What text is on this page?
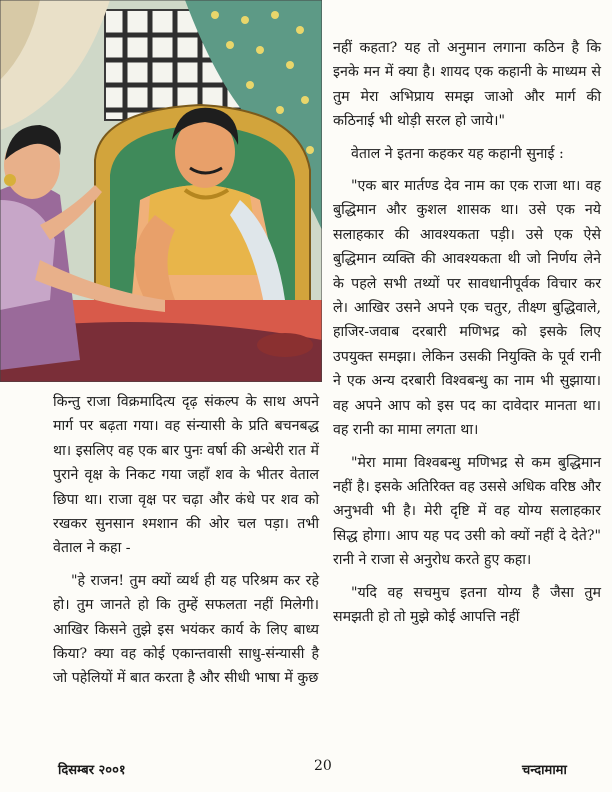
नहीं कहता? यह तो अनुमान लगाना कठिन है कि इनके मन में क्या है। शायद एक कहानी के माध्यम से तुम मेरा अभिप्राय समझ जाओ और मार्ग की कठिनाई भी थोड़ी सरल हो जाये।"

वेताल ने इतना कहकर यह कहानी सुनाई :

"एक बार मार्तण्ड देव नाम का एक राजा था। वह बुद्धिमान और कुशल शासक था। उसे एक नये सलाहकार की आवश्यकता पड़ी। उसे एक ऐसे बुद्धिमान व्यक्ति की आवश्यकता थी जो निर्णय लेने के पहले सभी तथ्यों पर सावधानीपूर्वक विचार कर ले। आखिर उसने अपने एक चतुर, तीक्ष्ण बुद्धिवाले, हाजिर-जवाब दरबारी मणिभद्र को इसके लिए उपयुक्त समझा। लेकिन उसकी नियुक्ति के पूर्व रानी ने एक अन्य दरबारी विश्वबन्धु का नाम भी सुझाया। वह अपने आप को इस पद का दावेदार मानता था। वह रानी का मामा लगता था।

"मेरा मामा विश्वबन्धु मणिभद्र से कम बुद्धिमान नहीं है। इसके अतिरिक्त वह उससे अधिक वरिष्ठ और अनुभवी भी है। मेरी दृष्टि में वह योग्य सलाहकार सिद्ध होगा। आप यह पद उसी को क्यों नहीं दे देते?" रानी ने राजा से अनुरोध करते हुए कहा।

"यदि वह सचमुच इतना योग्य है जैसा तुम समझती हो तो मुझे कोई आपत्ति नहीं

किन्तु राजा विक्रमादित्य दृढ़ संकल्प के साथ अपने मार्ग पर बढ़ता गया। वह संन्यासी के प्रति बचनबद्ध था। इसलिए वह एक बार पुनः वर्षा की अन्धेरी रात में पुराने वृक्ष के निकट गया जहाँ शव के भीतर वेताल छिपा था। राजा वृक्ष पर चढ़ा और कंधे पर शव को रखकर सुनसान श्मशान की ओर चल पड़ा। तभी वेताल ने कहा -

"हे राजन! तुम क्यों व्यर्थ ही यह परिश्रम कर रहे हो। तुम जानते हो कि तुम्हें सफलता नहीं मिलेगी। आखिर किसने तुझे इस भयंकर कार्य के लिए बाध्य किया? क्या वह कोई एकान्तवासी साधु-संन्यासी है जो पहेलियों में बात करता है और सीधी भाषा में कुछ

दिसम्बर २००१	20	चन्दामामा
